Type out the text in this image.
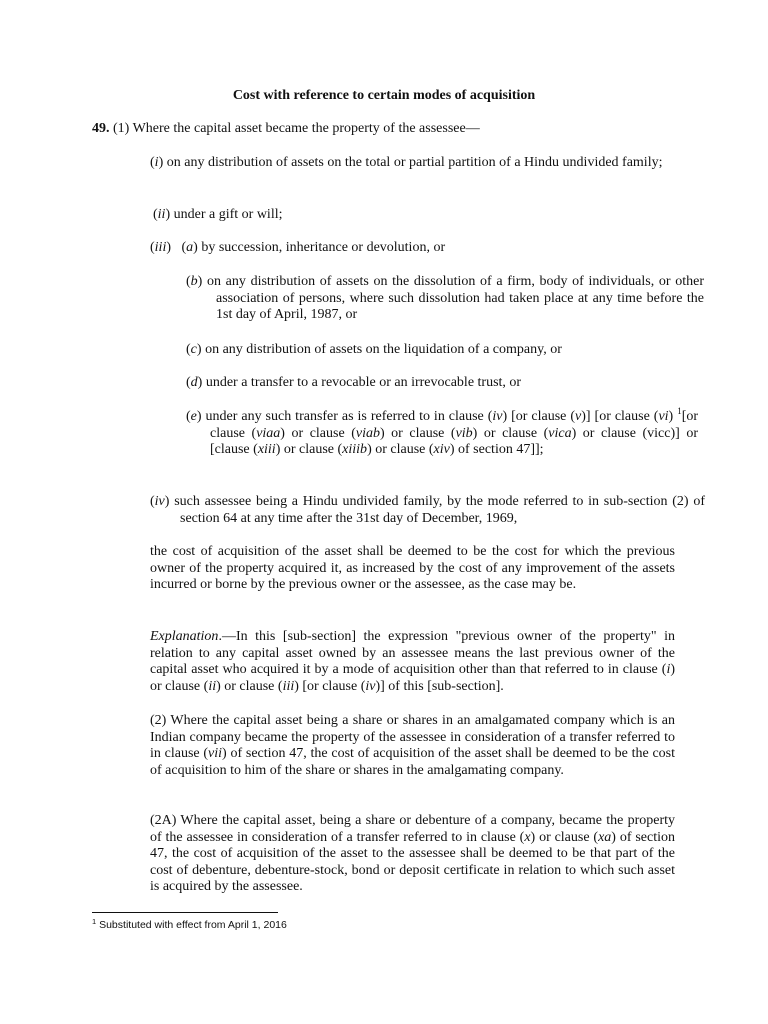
Cost with reference to certain modes of acquisition
49. (1) Where the capital asset became the property of the assessee—
(i) on any distribution of assets on the total or partial partition of a Hindu undivided family;
(ii) under a gift or will;
(iii)   (a) by succession, inheritance or devolution, or
(b) on any distribution of assets on the dissolution of a firm, body of individuals, or other association of persons, where such dissolution had taken place at any time before the 1st day of April, 1987, or
(c) on any distribution of assets on the liquidation of a company, or
(d) under a transfer to a revocable or an irrevocable trust, or
(e) under any such transfer as is referred to in clause (iv) [or clause (v)] [or clause (vi) $^1$[or clause (viaa) or clause (viab) or clause (vib) or clause (vica) or clause (vicc)] or [clause (xiii) or clause (xiiib) or clause (xiv) of section 47]];
(iv) such assessee being a Hindu undivided family, by the mode referred to in sub-section (2) of section 64 at any time after the 31st day of December, 1969,
the cost of acquisition of the asset shall be deemed to be the cost for which the previous owner of the property acquired it, as increased by the cost of any improvement of the assets incurred or borne by the previous owner or the assessee, as the case may be.
Explanation.—In this [sub-section] the expression "previous owner of the property" in relation to any capital asset owned by an assessee means the last previous owner of the capital asset who acquired it by a mode of acquisition other than that referred to in clause (i) or clause (ii) or clause (iii) [or clause (iv)] of this [sub-section].
(2) Where the capital asset being a share or shares in an amalgamated company which is an Indian company became the property of the assessee in consideration of a transfer referred to in clause (vii) of section 47, the cost of acquisition of the asset shall be deemed to be the cost of acquisition to him of the share or shares in the amalgamating company.
(2A) Where the capital asset, being a share or debenture of a company, became the property of the assessee in consideration of a transfer referred to in clause (x) or clause (xa) of section 47, the cost of acquisition of the asset to the assessee shall be deemed to be that part of the cost of debenture, debenture-stock, bond or deposit certificate in relation to which such asset is acquired by the assessee.
$^1$ Substituted with effect from April 1, 2016
